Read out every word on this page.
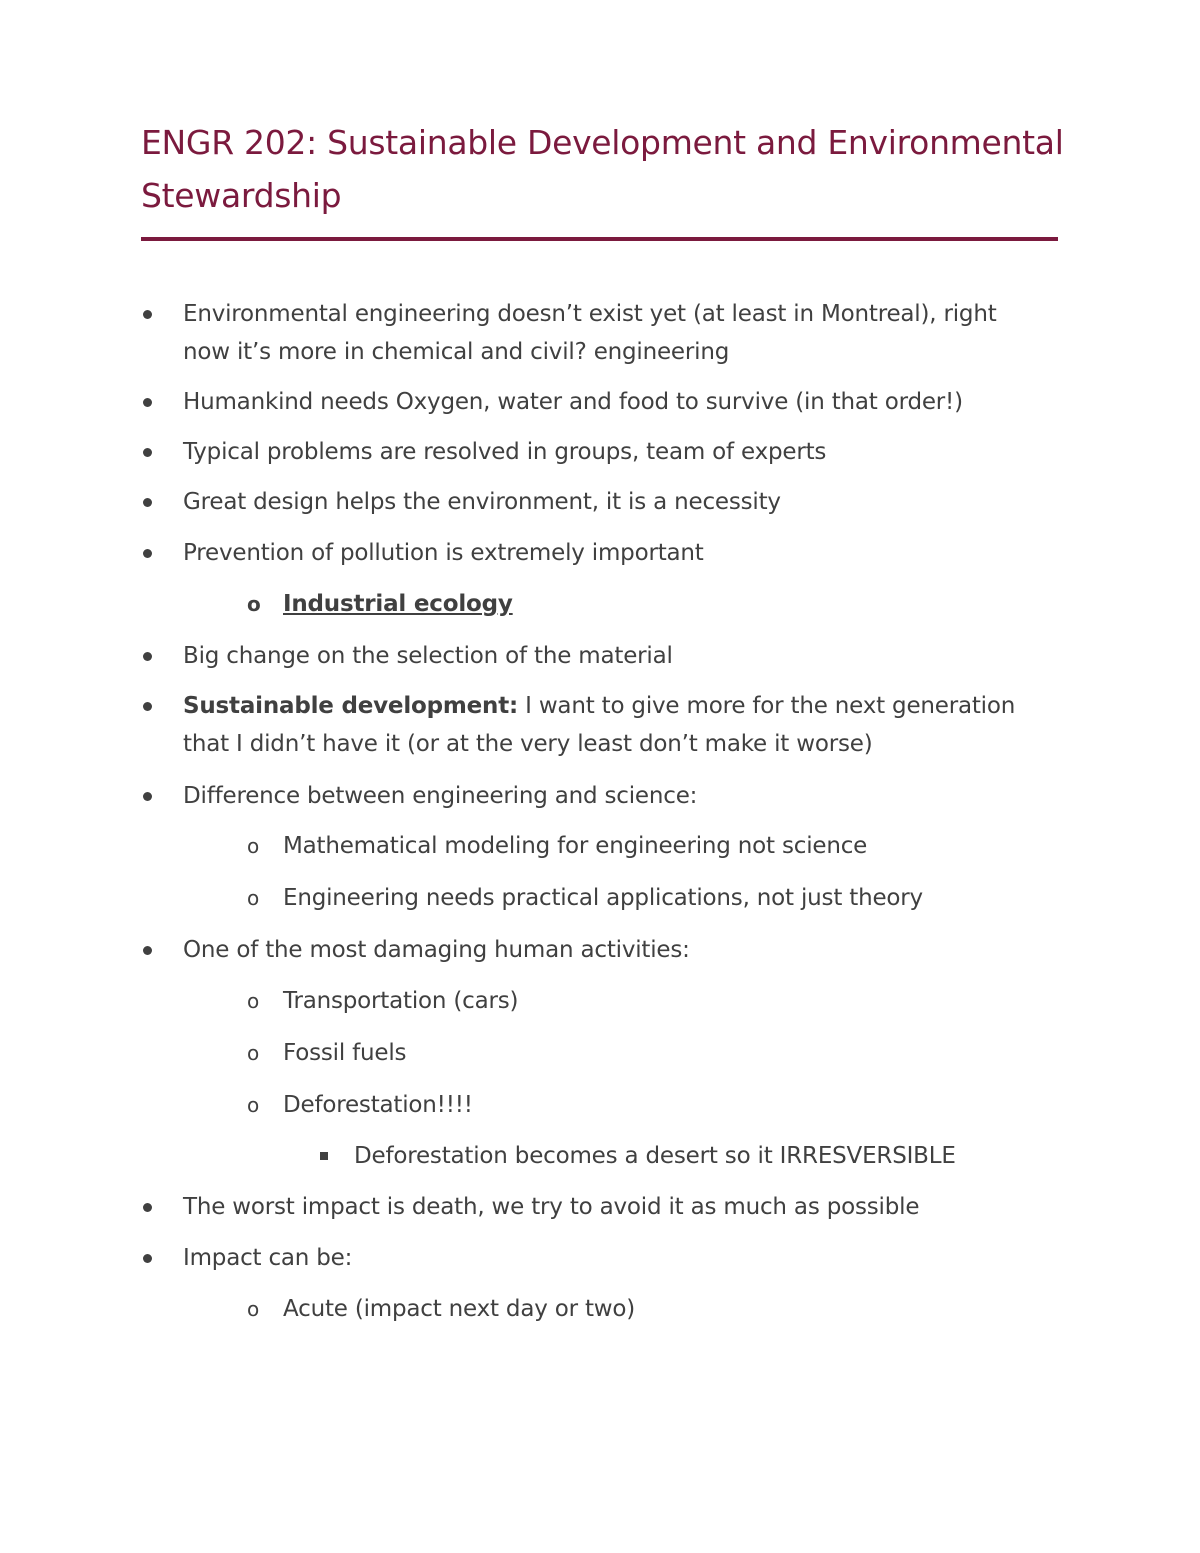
ENGR 202: Sustainable Development and Environmental Stewardship
Environmental engineering doesn’t exist yet (at least in Montreal), right
now it’s more in chemical and civil? engineering
Humankind needs Oxygen, water and food to survive (in that order!)
Typical problems are resolved in groups, team of experts
Great design helps the environment, it is a necessity
Prevention of pollution is extremely important
o Industrial ecology
Big change on the selection of the material
Sustainable development: I want to give more for the next generation
that I didn’t have it (or at the very least don’t make it worse)
Difference between engineering and science:
o Mathematical modeling for engineering not science
o Engineering needs practical applications, not just theory
One of the most damaging human activities:
o Transportation (cars)
o Fossil fuels
o Deforestation!!!!
Deforestation becomes a desert so it IRRESVERSIBLE
The worst impact is death, we try to avoid it as much as possible
Impact can be:
o Acute (impact next day or two)
